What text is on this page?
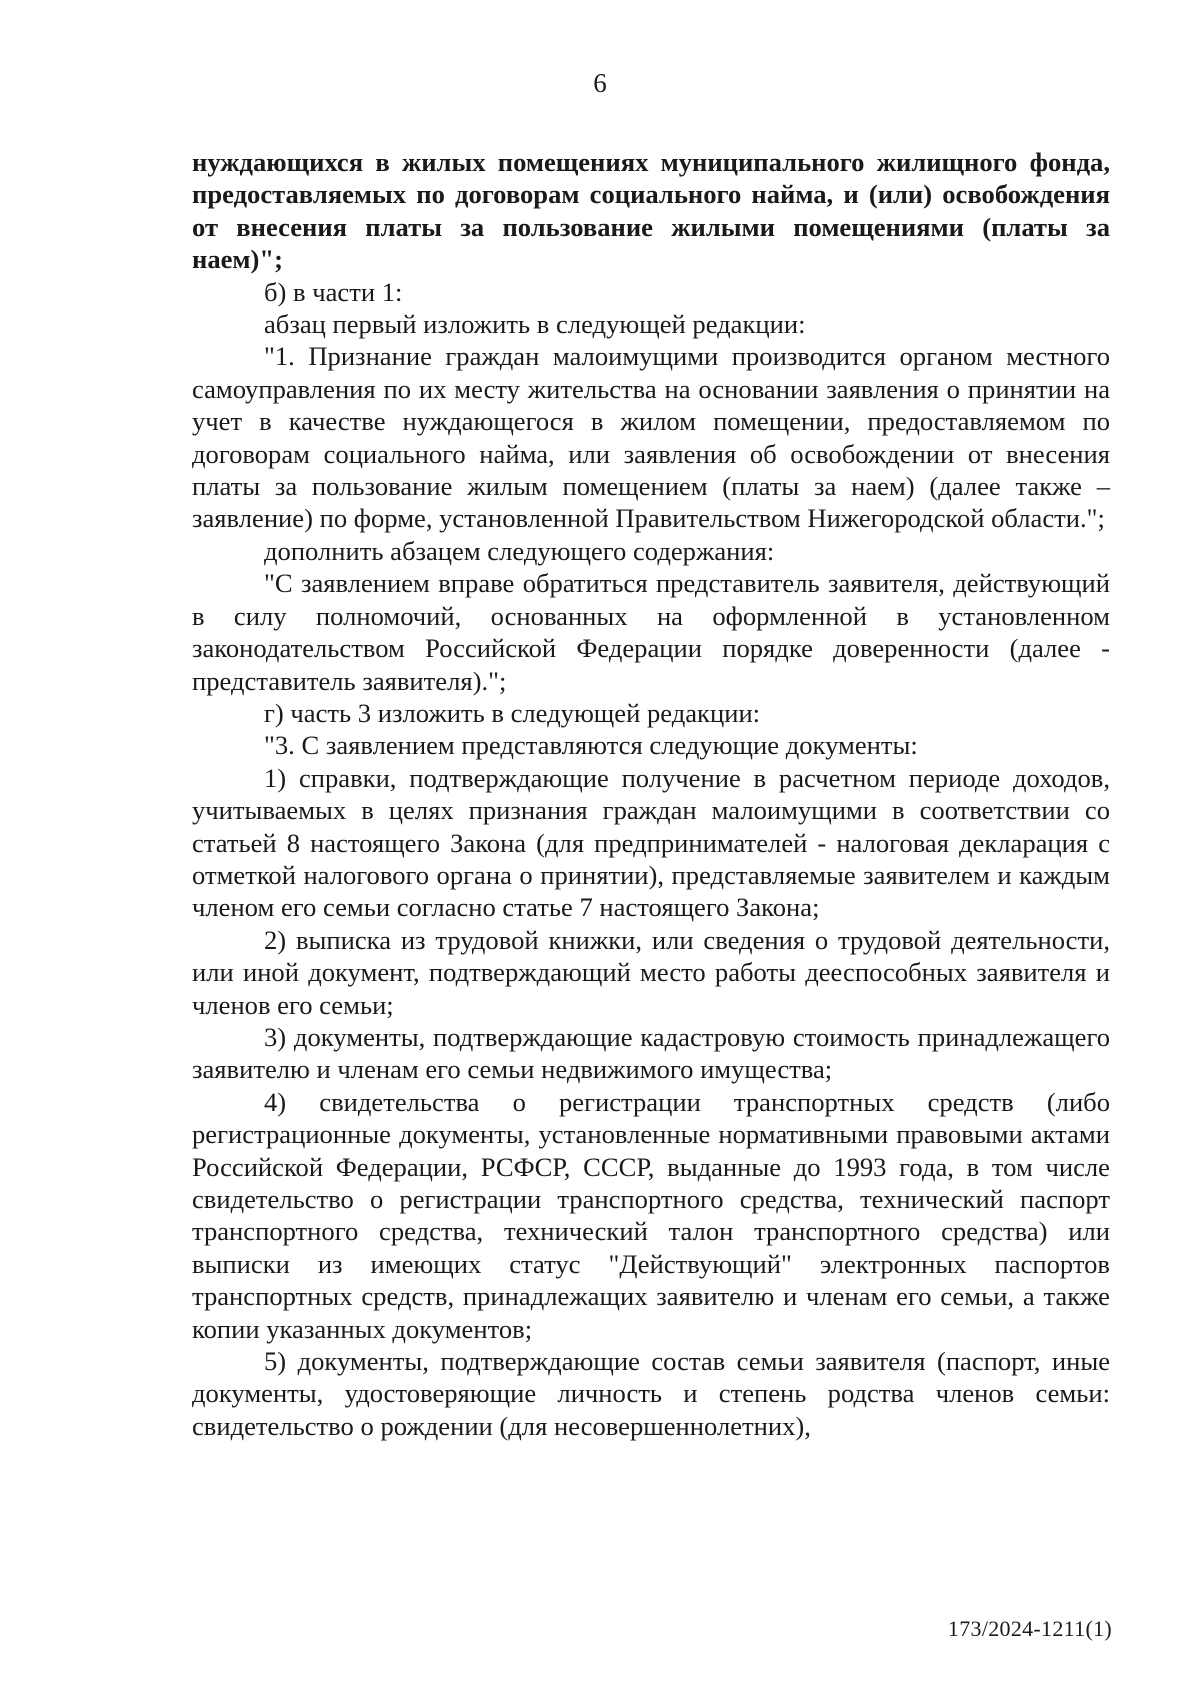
6

нуждающихся в жилых помещениях муниципального жилищного фонда, предоставляемых по договорам социального найма, и (или) освобождения от внесения платы за пользование жилыми помещениями (платы за наем)";

б) в части 1:

абзац первый изложить в следующей редакции:

"1. Признание граждан малоимущими производится органом местного самоуправления по их месту жительства на основании заявления о принятии на учет в качестве нуждающегося в жилом помещении, предоставляемом по договорам социального найма, или заявления об освобождении от внесения платы за пользование жилым помещением (платы за наем) (далее также – заявление) по форме, установленной Правительством Нижегородской области.";

дополнить абзацем следующего содержания:

"С заявлением вправе обратиться представитель заявителя, действующий в силу полномочий, основанных на оформленной в установленном законодательством Российской Федерации порядке доверенности (далее - представитель заявителя).";

г) часть 3 изложить в следующей редакции:

"3. С заявлением представляются следующие документы:

1) справки, подтверждающие получение в расчетном периоде доходов, учитываемых в целях признания граждан малоимущими в соответствии со статьей 8 настоящего Закона (для предпринимателей - налоговая декларация с отметкой налогового органа о принятии), представляемые заявителем и каждым членом его семьи согласно статье 7 настоящего Закона;

2) выписка из трудовой книжки, или сведения о трудовой деятельности, или иной документ, подтверждающий место работы дееспособных заявителя и членов его семьи;

3) документы, подтверждающие кадастровую стоимость принадлежащего заявителю и членам его семьи недвижимого имущества;

4) свидетельства о регистрации транспортных средств (либо регистрационные документы, установленные нормативными правовыми актами Российской Федерации, РСФСР, СССР, выданные до 1993 года, в том числе свидетельство о регистрации транспортного средства, технический паспорт транспортного средства, технический талон транспортного средства) или выписки из имеющих статус "Действующий" электронных паспортов транспортных средств, принадлежащих заявителю и членам его семьи, а также копии указанных документов;

5) документы, подтверждающие состав семьи заявителя (паспорт, иные документы, удостоверяющие личность и степень родства членов семьи: свидетельство о рождении (для несовершеннолетних),

173/2024-1211(1)
